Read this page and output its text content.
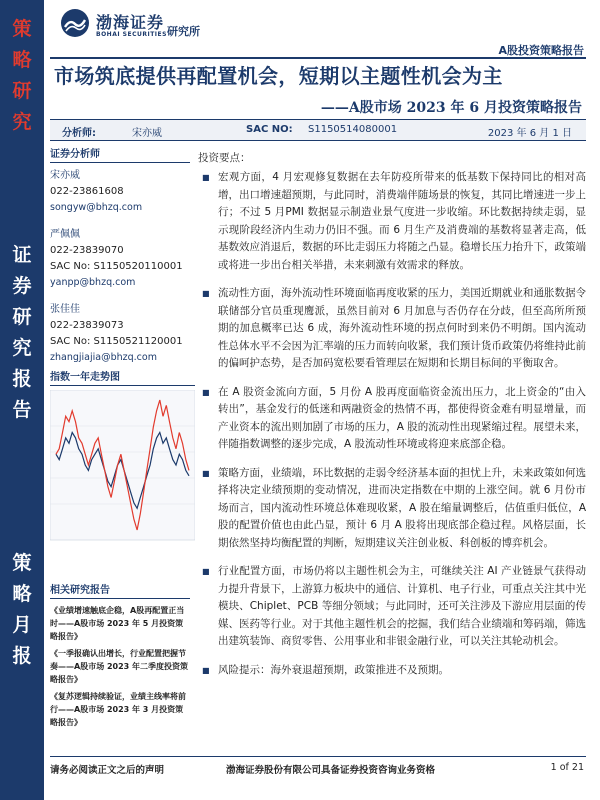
策
略
研
究
证
券
研
究
报
告
策
略
月
报
渤海证券
BOHAI SECURITIES 研究所
A股投资策略报告
市场筑底提供再配置机会，短期以主题性机会为主
——A股市场 2023 年 6 月投资策略报告
分析师:	宋亦威	SAC NO: S1150514080001	2023 年 6 月 1 日
证券分析师
宋亦威
022-23861608
songyw@bhzq.com
严佩佩
022-23839070
SAC No: S1150520110001
yanpp@bhzq.com
张佳佳
022-23839073
SAC No: S1150521120001
zhangjiajia@bhzq.com
指数一年走势图
相关研究报告
《业绩增速触底企稳，A股再配置正当时——A股市场 2023 年 5 月投资策略报告》
《一季报确认出增长，行业配置把握节奏——A股市场 2023 年二季度投资策略报告》
《复苏逻辑持续验证，业绩主线率将前行——A股市场 2023 年 3 月投资策略报告》
投资要点：
■ 宏观方面，4 月宏观修复数据在去年防疫所带来的低基数下保持同比的相对高增，出口增速超预期，与此同时，消费端伴随场景的恢复，其同比增速进一步上行；不过 5 月PMI 数据显示制造业景气度进一步收缩。环比数据持续走弱，显示现阶段经济内生动力仍旧不强。而 6 月生产及消费端的基数将显著走高，低基数效应消退后，数据的环比走弱压力将随之凸显。稳增长压力抬升下，政策端或将进一步出台相关举措，未来刺激有效需求的释放。
■ 流动性方面，海外流动性环境面临再度收紧的压力，美国近期就业和通胀数据令联储部分官员重现鹰派，虽然目前对 6 月加息与否仍存在分歧，但至高所所预期的加息概率已达 6 成，海外流动性环境的拐点何时到来仍不明朗。国内流动性总体水平不会因为汇率端的压力而转向收紧，我们预计货币政策仍将维持此前的偏呵护态势，是否加码宽松要看管理层在短期和长期目标间的平衡取舍。
■ 在 A 股资金流向方面，5 月份 A 股再度面临资金流出压力，北上资金的“由入转出”，基金发行的低迷和两融资金的热情不再，都使得资金难有明显增量，而产业资本的流出则加剧了市场的压力，A 股的流动性出现紧缩过程。展望未来，伴随指数调整的逐步完成，A 股流动性环境或将迎来底部企稳。
■ 策略方面，业绩端，环比数据的走弱令经济基本面的担忧上升，未来政策如何选择将决定业绩预期的变动情况，进而决定指数在中期的上涨空间。就 6 月份市场而言，国内流动性环境总体难现收紧，A 股在缩量调整后，估值重归低位，A 股的配置价值也由此凸显，预计 6 月 A 股将出现底部企稳过程。风格层面，长期依然坚持均衡配置的判断，短期建议关注创业板、科创板的博弈机会。
■ 行业配置方面，市场仍将以主题性机会为主，可继续关注 AI 产业链景气获得动力提升背景下，上游算力板块中的通信、计算机、电子行业，可重点关注其中光模块、Chiplet、PCB 等细分领域；与此同时，还可关注涉及下游应用层面的传媒、医药等行业。对于其他主题性机会的挖掘，我们结合业绩端和筹码端，筛选出建筑装饰、商贸零售、公用事业和非银金融行业，可以关注其轮动机会。
■ 风险提示：海外衰退超预期，政策推进不及预期。
请务必阅读正文之后的声明	渤海证券股份有限公司具备证券投资咨询业务资格	1 of 21
